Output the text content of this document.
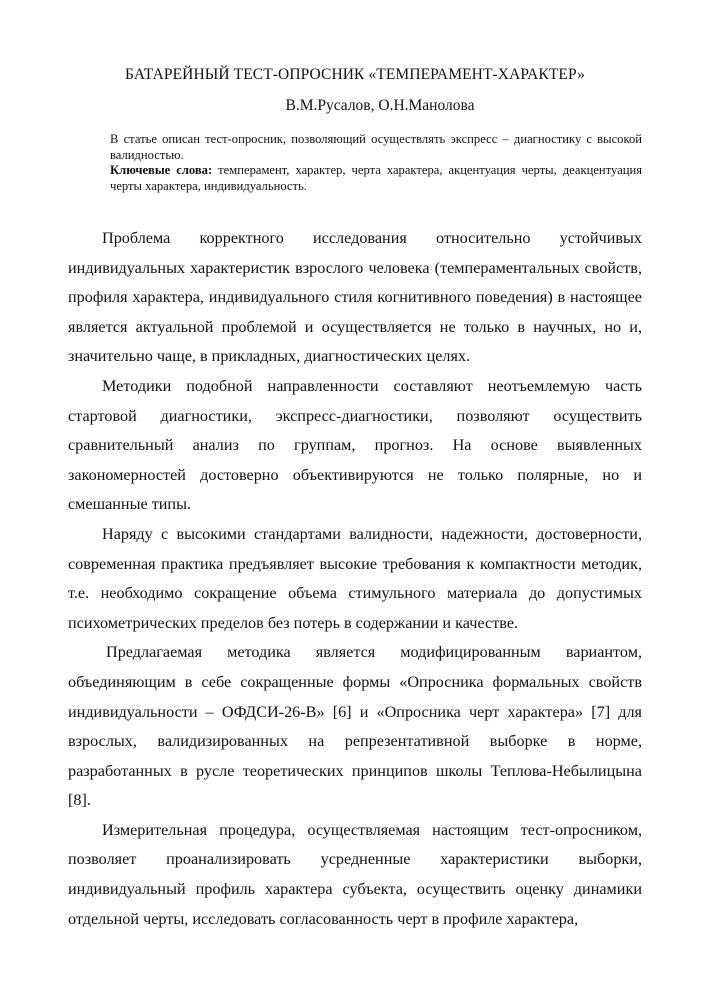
БАТАРЕЙНЫЙ ТЕСТ-ОПРОСНИК «ТЕМПЕРАМЕНТ-ХАРАКТЕР»
В.М.Русалов, О.Н.Манолова

В статье описан тест-опросник, позволяющий осуществлять экспресс – диагностику с высокой валидностью.

Ключевые слова: темперамент, характер, черта характера, акцентуация черты, деакцентуация черты характера, индивидуальность.

Проблема корректного исследования относительно устойчивых индивидуальных характеристик взрослого человека (темпераментальных свойств, профиля характера, индивидуального стиля когнитивного поведения) в настоящее является актуальной проблемой и осуществляется не только в научных, но и, значительно чаще, в прикладных, диагностических целях.

Методики подобной направленности составляют неотъемлемую часть стартовой диагностики, экспресс-диагностики, позволяют осуществить сравнительный анализ по группам, прогноз. На основе выявленных закономерностей достоверно объективируются не только полярные, но и смешанные типы.

Наряду с высокими стандартами валидности, надежности, достоверности, современная практика предъявляет высокие требования к компактности методик, т.е. необходимо сокращение объема стимульного материала до допустимых психометрических пределов без потерь в содержании и качестве.

Предлагаемая методика является модифицированным вариантом, объединяющим в себе сокращенные формы «Опросника формальных свойств индивидуальности – ОФДСИ-26-В» [6] и «Опросника черт характера» [7] для взрослых, валидизированных на репрезентативной выборке в норме, разработанных в русле теоретических принципов школы Теплова-Небылицына [8].

Измерительная процедура, осуществляемая настоящим тест-опросником, позволяет проанализировать усредненные характеристики выборки, индивидуальный профиль характера субъекта, осуществить оценку динамики отдельной черты, исследовать согласованность черт в профиле характера,
